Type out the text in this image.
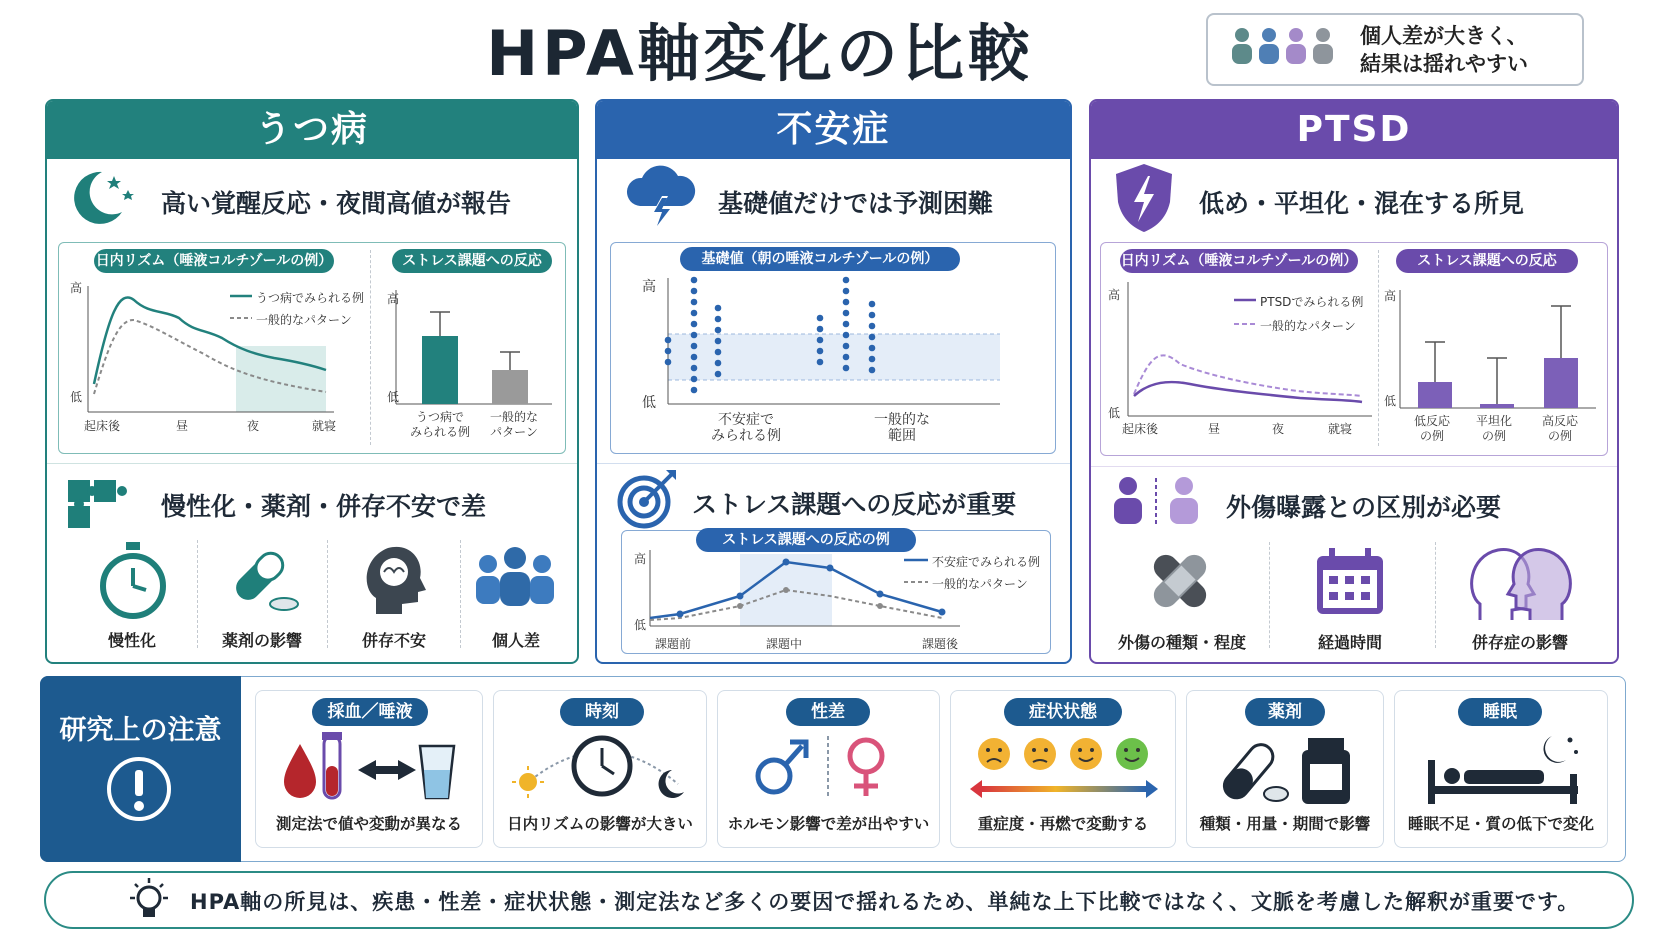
HPA軸変化の比較	個人差が大きく、
結果は揺れやすい
うつ病
高い覚醒反応・夜間高値が報告
日内リズム（唾液コルチゾールの例）	ストレス課題への反応
高
低
うつ病でみられる例
一般的なパターン
起床後	昼	夜	就寝
高
低
うつ病で
みられる例
一般的な
パターン
慢性化・薬剤・併存不安で差
慢性化	薬剤の影響	併存不安	個人差
不安症
基礎値だけでは予測困難
基礎値（朝の唾液コルチゾールの例）
高
低
不安症で
みられる例
一般的な
範囲
ストレス課題への反応が重要
ストレス課題への反応の例
高
低
不安症でみられる例
一般的なパターン
課題前	課題中	課題後
PTSD
低め・平坦化・混在する所見
日内リズム（唾液コルチゾールの例）	ストレス課題への反応
高
低
PTSDでみられる例
一般的なパターン
起床後	昼	夜	就寝
高
低
低反応
の例
平坦化
の例
高反応
の例
外傷曝露との区別が必要
外傷の種類・程度	経過時間	併存症の影響
研究上の注意
採血／唾液
測定法で値や変動が異なる
時刻
日内リズムの影響が大きい
性差
ホルモン影響で差が出やすい
症状状態
重症度・再燃で変動する
薬剤
種類・用量・期間で影響
睡眠
睡眠不足・質の低下で変化
HPA軸の所見は、疾患・性差・症状状態・測定法など多くの要因で揺れるため、単純な上下比較ではなく、文脈を考慮した解釈が重要です。
